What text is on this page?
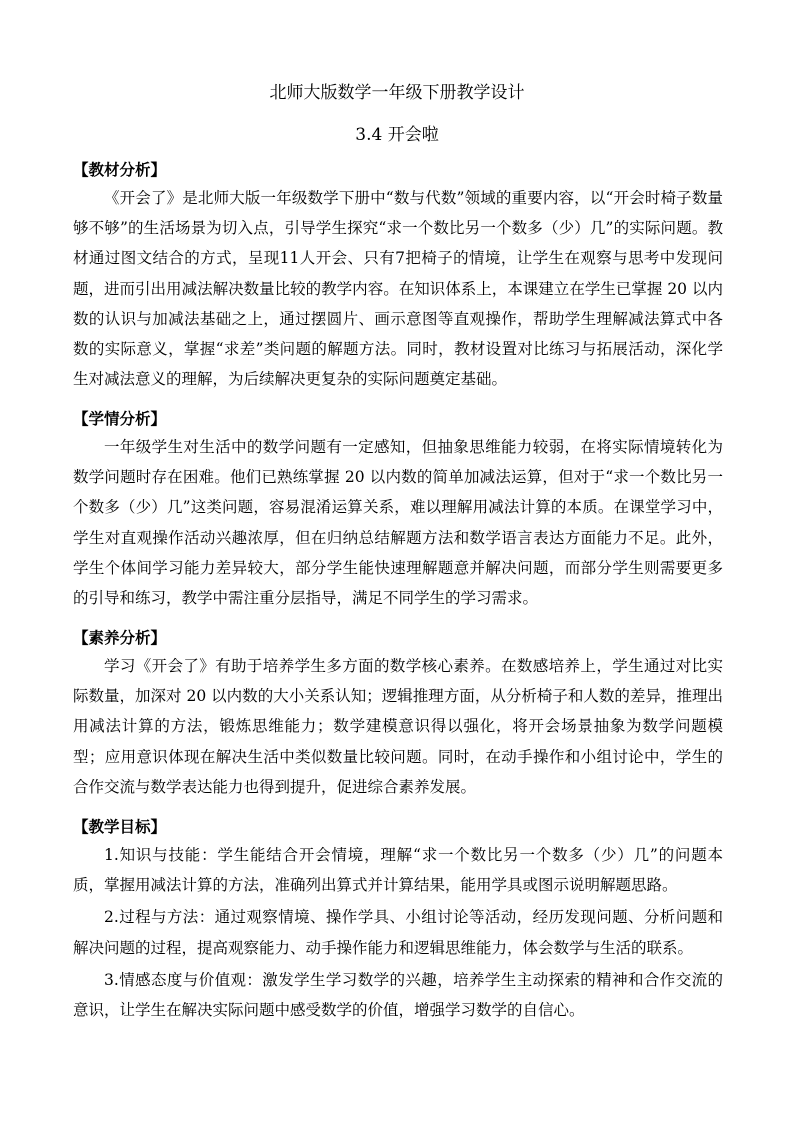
北师大版数学一年级下册教学设计
3.4 开会啦

【教材分析】

《开会了》是北师大版一年级数学下册中“数与代数”领域的重要内容，以“开会时椅子数量够不够”的生活场景为切入点，引导学生探究“求一个数比另一个数多（少）几”的实际问题。教材通过图文结合的方式，呈现11人开会、只有7把椅子的情境，让学生在观察与思考中发现问题，进而引出用减法解决数量比较的教学内容。在知识体系上，本课建立在学生已掌握 20 以内数的认识与加减法基础之上，通过摆圆片、画示意图等直观操作，帮助学生理解减法算式中各数的实际意义，掌握“求差”类问题的解题方法。同时，教材设置对比练习与拓展活动，深化学生对减法意义的理解，为后续解决更复杂的实际问题奠定基础。

【学情分析】

一年级学生对生活中的数学问题有一定感知，但抽象思维能力较弱，在将实际情境转化为数学问题时存在困难。他们已熟练掌握 20 以内数的简单加减法运算，但对于“求一个数比另一个数多（少）几”这类问题，容易混淆运算关系，难以理解用减法计算的本质。在课堂学习中，学生对直观操作活动兴趣浓厚，但在归纳总结解题方法和数学语言表达方面能力不足。此外，学生个体间学习能力差异较大，部分学生能快速理解题意并解决问题，而部分学生则需要更多的引导和练习，教学中需注重分层指导，满足不同学生的学习需求。

【素养分析】

学习《开会了》有助于培养学生多方面的数学核心素养。在数感培养上，学生通过对比实际数量，加深对 20 以内数的大小关系认知；逻辑推理方面，从分析椅子和人数的差异，推理出用减法计算的方法，锻炼思维能力；数学建模意识得以强化，将开会场景抽象为数学问题模型；应用意识体现在解决生活中类似数量比较问题。同时，在动手操作和小组讨论中，学生的合作交流与数学表达能力也得到提升，促进综合素养发展。

【教学目标】

1.知识与技能：学生能结合开会情境，理解“求一个数比另一个数多（少）几”的问题本质，掌握用减法计算的方法，准确列出算式并计算结果，能用学具或图示说明解题思路。

2.过程与方法：通过观察情境、操作学具、小组讨论等活动，经历发现问题、分析问题和解决问题的过程，提高观察能力、动手操作能力和逻辑思维能力，体会数学与生活的联系。

3.情感态度与价值观：激发学生学习数学的兴趣，培养学生主动探索的精神和合作交流的意识，让学生在解决实际问题中感受数学的价值，增强学习数学的自信心。
